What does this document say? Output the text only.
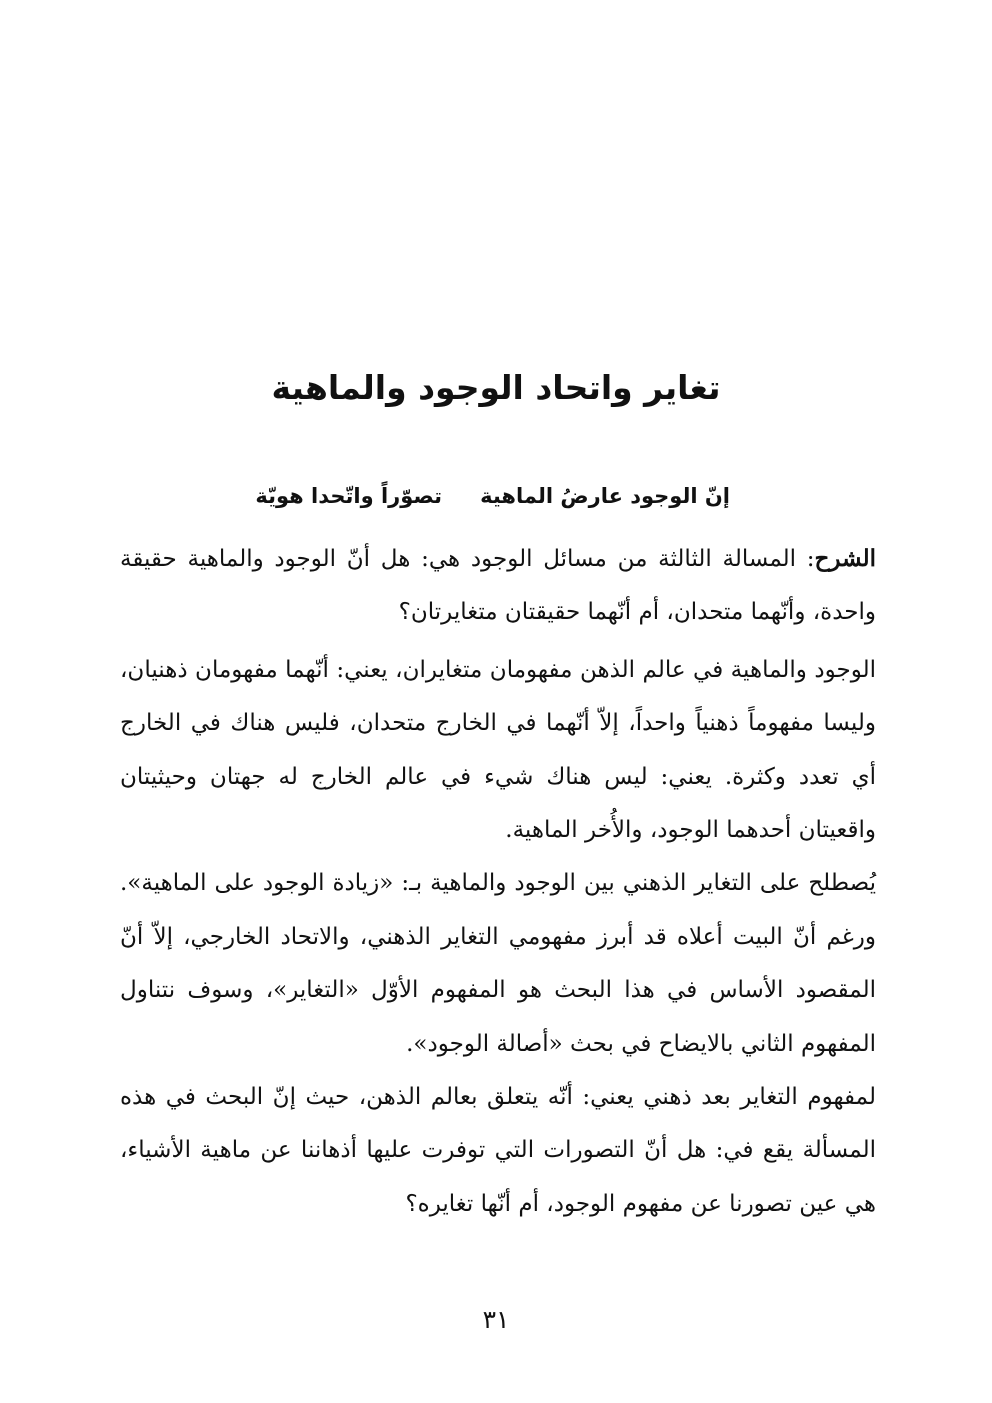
تغاير واتحاد الوجود والماهية
إنّ الوجود عارضُ الماهية
تصوّراً واتّحدا هويّة

الشرح: المسالة الثالثة من مسائل الوجود هي: هل أنّ الوجود والماهية حقيقة واحدة، وأنّهما متحدان، أم أنّهما حقيقتان متغايرتان؟

الوجود والماهية في عالم الذهن مفهومان متغايران، يعني: أنّهما مفهومان ذهنيان، وليسا مفهوماً ذهنياً واحداً، إلاّ أنّهما في الخارج متحدان، فليس هناك في الخارج أي تعدد وكثرة. يعني: ليس هناك شيء في عالم الخارج له جهتان وحيثيتان واقعيتان أحدهما الوجود، والأُخر الماهية.

يُصطلح على التغاير الذهني بين الوجود والماهية بـ: «زيادة الوجود على الماهية». ورغم أنّ البيت أعلاه قد أبرز مفهومي التغاير الذهني، والاتحاد الخارجي، إلاّ أنّ المقصود الأساس في هذا البحث هو المفهوم الأوّل «التغاير»، وسوف نتناول المفهوم الثاني بالايضاح في بحث «أصالة الوجود».

لمفهوم التغاير بعد ذهني يعني: أنّه يتعلق بعالم الذهن، حيث إنّ البحث في هذه المسألة يقع في: هل أنّ التصورات التي توفرت عليها أذهاننا عن ماهية الأشياء، هي عين تصورنا عن مفهوم الوجود، أم أنّها تغايره؟

٣١
